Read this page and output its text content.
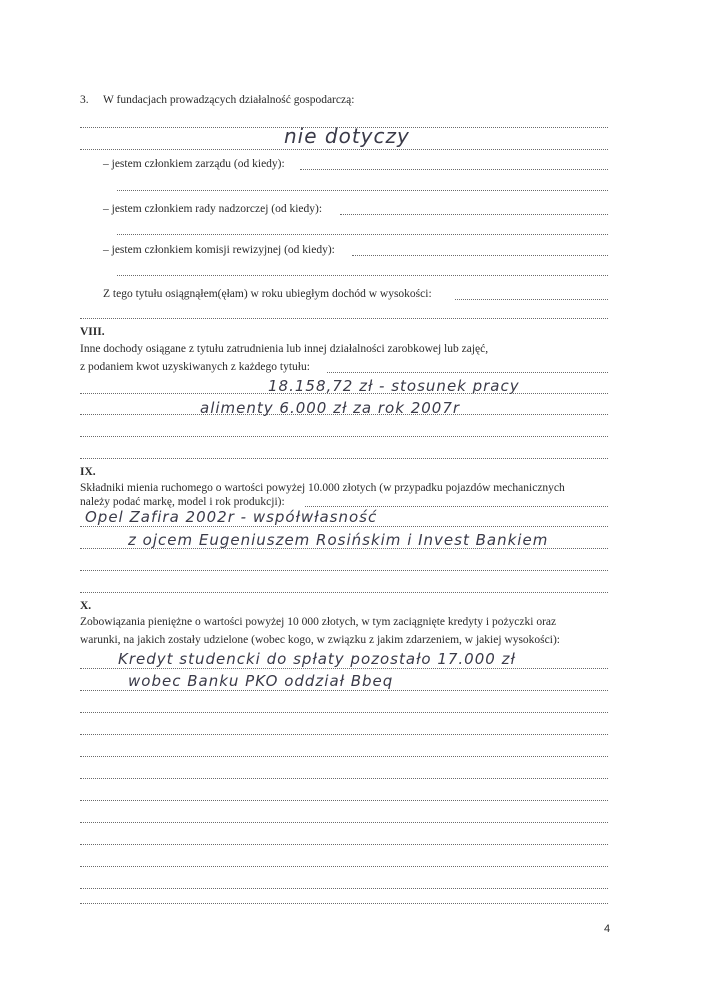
3. W fundacjach prowadzących działalność gospodarczą:
nie dotyczy
– jestem członkiem zarządu (od kiedy):
– jestem członkiem rady nadzorczej (od kiedy):
– jestem członkiem komisji rewizyjnej (od kiedy):
Z tego tytułu osiągnąłem(ęłam) w roku ubiegłym dochód w wysokości:
VIII.
Inne dochody osiągane z tytułu zatrudnienia lub innej działalności zarobkowej lub zajęć,
z podaniem kwot uzyskiwanych z każdego tytułu:
18.158,72 zł - stosunek pracy
alimenty 6.000 zł za rok 2007r
IX.
Składniki mienia ruchomego o wartości powyżej 10.000 złotych (w przypadku pojazdów mechanicznych
należy podać markę, model i rok produkcji):
Opel Zafira 2002r - współwłasność
z ojcem Eugeniuszem Rosińskim i Invest Bankiem
X.
Zobowiązania pieniężne o wartości powyżej 10 000 złotych, w tym zaciągnięte kredyty i pożyczki oraz
warunki, na jakich zostały udzielone (wobec kogo, w związku z jakim zdarzeniem, w jakiej wysokości):
Kredyt studencki do spłaty pozostało 17.000 zł
wobec Banku PKO oddział Bbeq
4
